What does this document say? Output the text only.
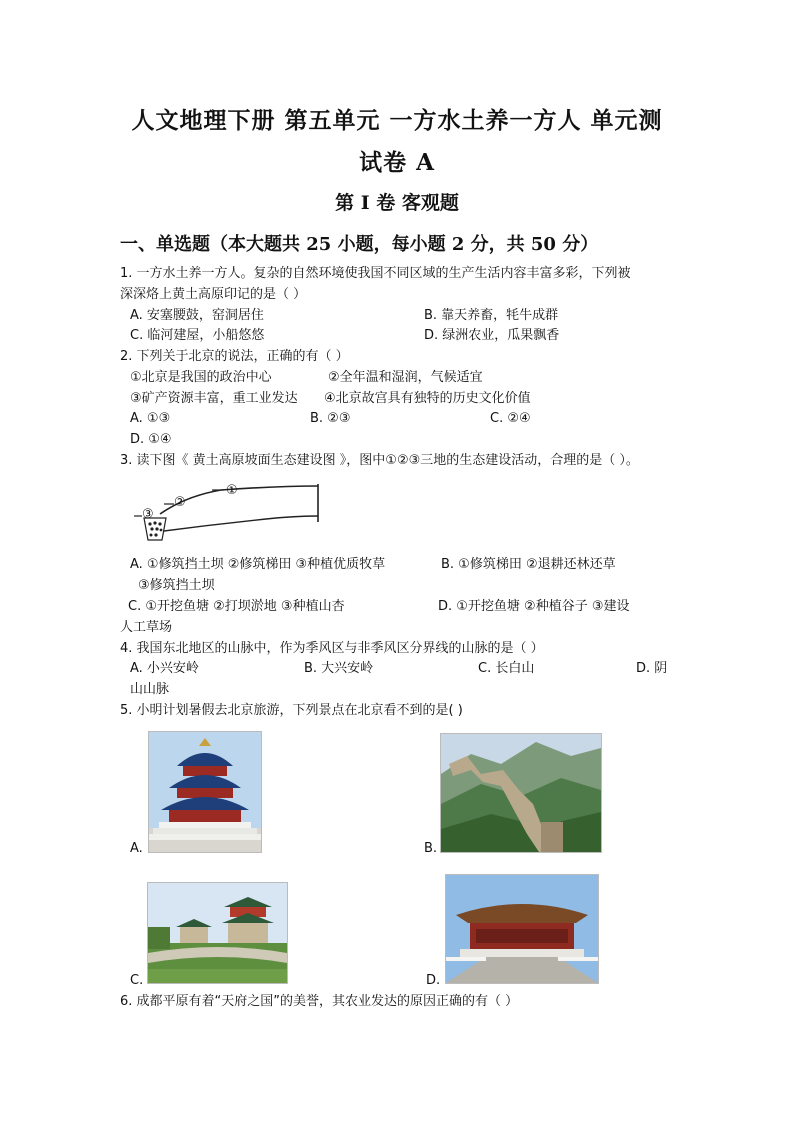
人文地理下册 第五单元 一方水土养一方人 单元测
试卷 A
第 I 卷 客观题
一、单选题（本大题共 25 小题，每小题 2 分，共 50 分）
1. 一方水土养一方人。复杂的自然环境使我国不同区域的生产生活内容丰富多彩，下列被
深深烙上黄土高原印记的是（ ）
A. 安塞腰鼓，窑洞居住	B. 靠天养畜，牦牛成群
C. 临河建屋，小船悠悠	D. 绿洲农业，瓜果飘香
2. 下列关于北京的说法，正确的有（ ）
①北京是我国的政治中心	②全年温和湿润，气候适宜
③矿产资源丰富，重工业发达 ④北京故宫具有独特的历史文化价值
A. ①③	B. ②③	C. ②④
D. ①④
3. 读下图《 黄土高原坡面生态建设图 》，图中①②③三地的生态建设活动，合理的是（ ）。
①
②
③
A. ①修筑挡土坝 ②修筑梯田 ③种植优质牧草	B. ①修筑梯田 ②退耕还林还草
③修筑挡土坝
C. ①开挖鱼塘 ②打坝淤地 ③种植山杏	D. ①开挖鱼塘 ②种植谷子 ③建设
人工草场
4. 我国东北地区的山脉中，作为季风区与非季风区分界线的山脉的是（ ）
A. 小兴安岭	B. 大兴安岭	C. 长白山	D. 阴
山山脉
5. 小明计划暑假去北京旅游，下列景点在北京看不到的是( )
A.	B.
C.	D.
6. 成都平原有着“天府之国”的美誉，其农业发达的原因正确的有（ ）
